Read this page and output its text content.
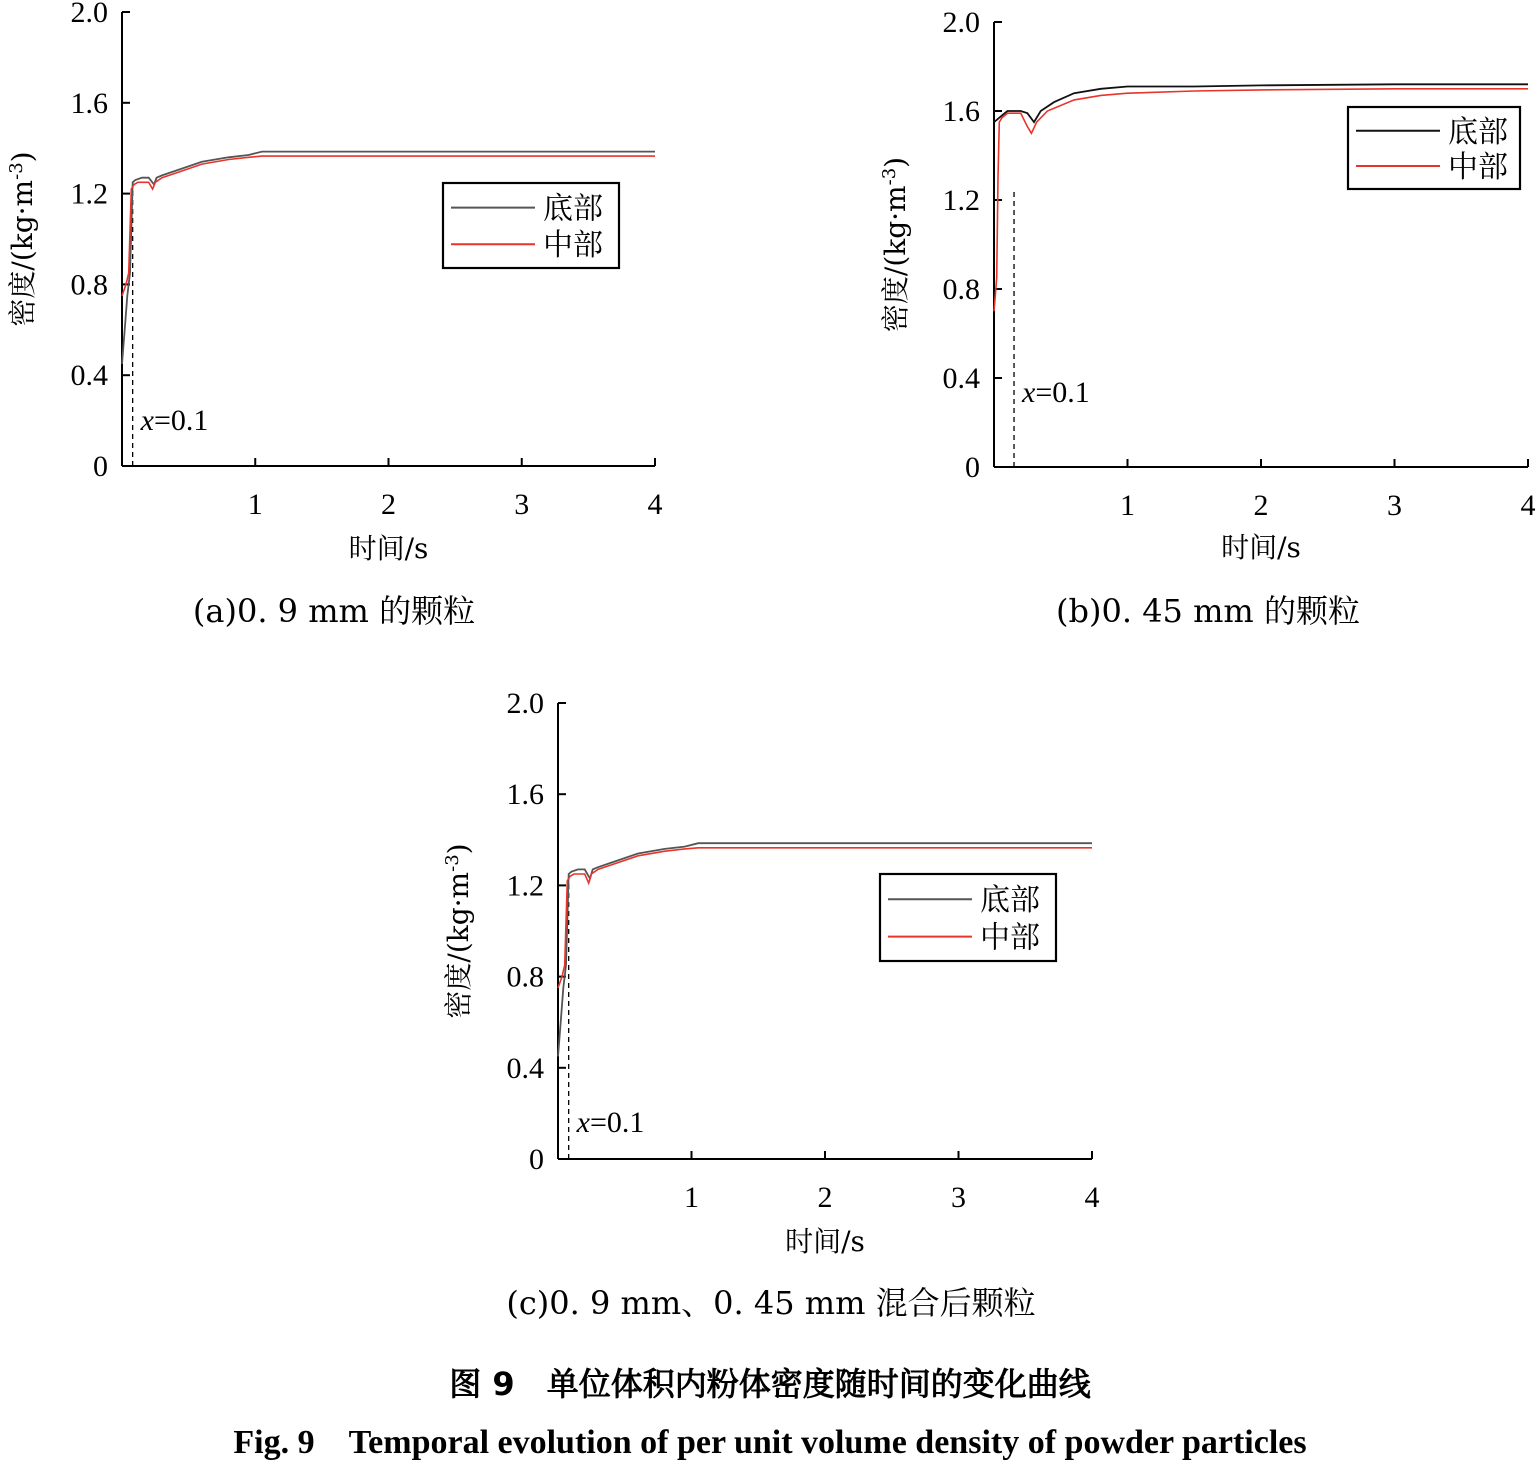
0
0.4
0.8
1.2
1.6
2.0
1	2	3	4
时间/s
密度$/(kg\cdot m^{-3})$
x=0.1
底部
中部
0
0.4
0.8
1.2
1.6
2.0
1	2	3	4
时间/s
密度$/(kg\cdot m^{-3})$
x=0.1
底部
中部
0
0.4
0.8
1.2
1.6
2.0
1	2	3	4
时间/s
密度$/(kg\cdot m^{-3})$
x=0.1
底部
中部
(a)0. 9 mm 的颗粒	(b)0. 45 mm 的颗粒
(c)0. 9 mm、0. 45 mm 混合后颗粒
图 9　单位体积内粉体密度随时间的变化曲线
Fig. 9　Temporal evolution of per unit volume density of powder particles
